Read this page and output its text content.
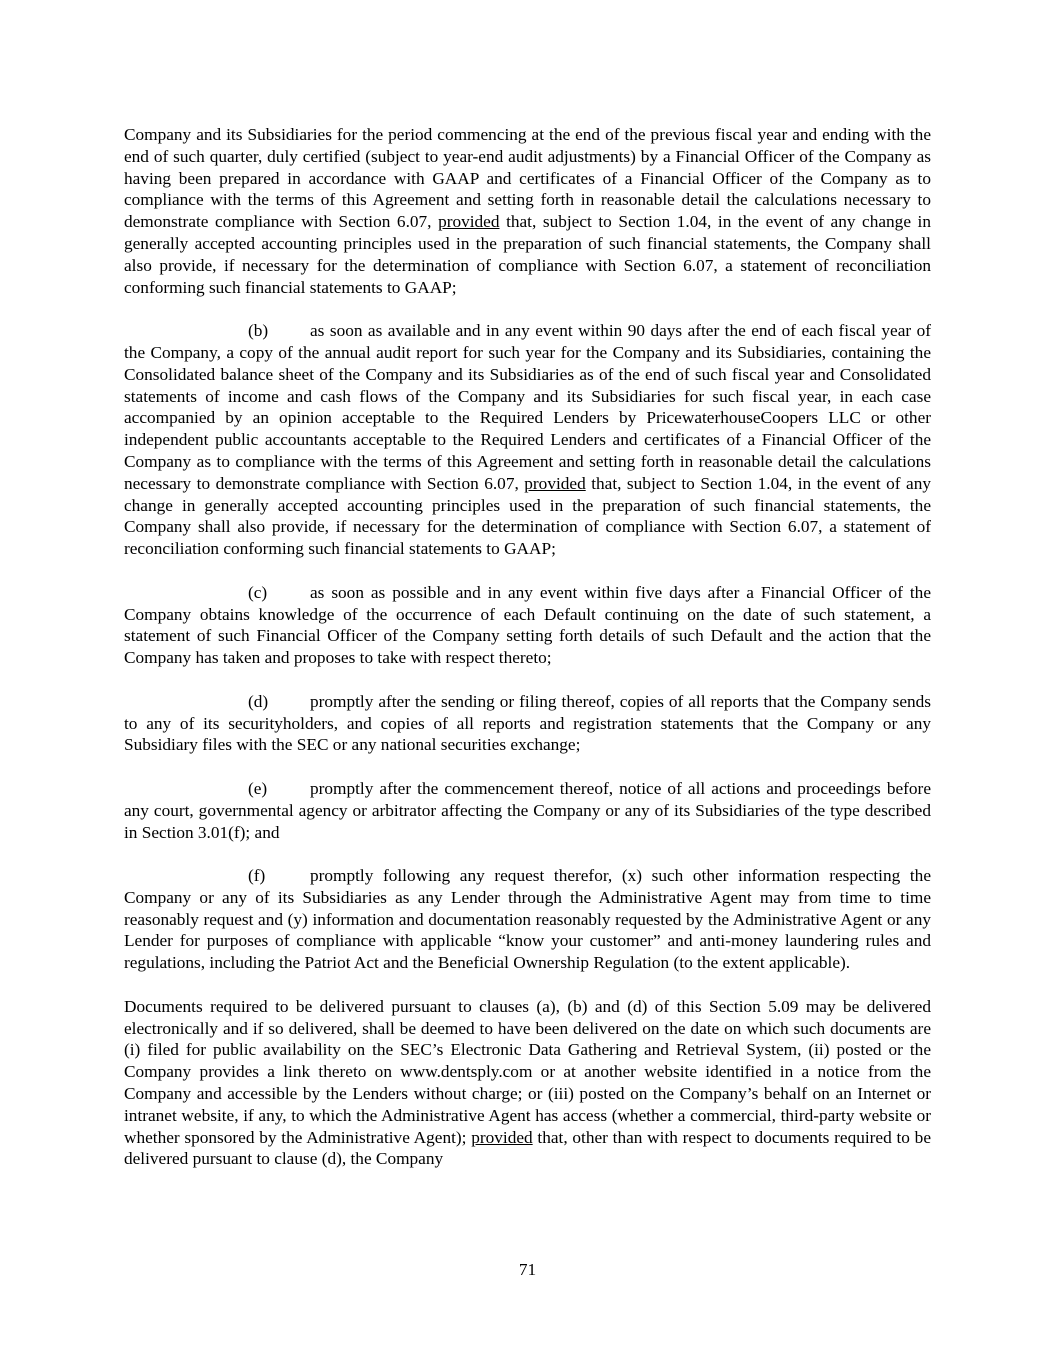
Company and its Subsidiaries for the period commencing at the end of the previous fiscal year and ending with the end of such quarter, duly certified (subject to year-end audit adjustments) by a Financial Officer of the Company as having been prepared in accordance with GAAP and certificates of a Financial Officer of the Company as to compliance with the terms of this Agreement and setting forth in reasonable detail the calculations necessary to demonstrate compliance with Section 6.07, provided that, subject to Section 1.04, in the event of any change in generally accepted accounting principles used in the preparation of such financial statements, the Company shall also provide, if necessary for the determination of compliance with Section 6.07, a statement of reconciliation conforming such financial statements to GAAP;

(b) as soon as available and in any event within 90 days after the end of each fiscal year of the Company, a copy of the annual audit report for such year for the Company and its Subsidiaries, containing the Consolidated balance sheet of the Company and its Subsidiaries as of the end of such fiscal year and Consolidated statements of income and cash flows of the Company and its Subsidiaries for such fiscal year, in each case accompanied by an opinion acceptable to the Required Lenders by PricewaterhouseCoopers LLC or other independent public accountants acceptable to the Required Lenders and certificates of a Financial Officer of the Company as to compliance with the terms of this Agreement and setting forth in reasonable detail the calculations necessary to demonstrate compliance with Section 6.07, provided that, subject to Section 1.04, in the event of any change in generally accepted accounting principles used in the preparation of such financial statements, the Company shall also provide, if necessary for the determination of compliance with Section 6.07, a statement of reconciliation conforming such financial statements to GAAP;

(c) as soon as possible and in any event within five days after a Financial Officer of the Company obtains knowledge of the occurrence of each Default continuing on the date of such statement, a statement of such Financial Officer of the Company setting forth details of such Default and the action that the Company has taken and proposes to take with respect thereto;

(d) promptly after the sending or filing thereof, copies of all reports that the Company sends to any of its securityholders, and copies of all reports and registration statements that the Company or any Subsidiary files with the SEC or any national securities exchange;

(e) promptly after the commencement thereof, notice of all actions and proceedings before any court, governmental agency or arbitrator affecting the Company or any of its Subsidiaries of the type described in Section 3.01(f); and

(f)	promptly following any request therefor, (x) such other information respecting the Company or any of its Subsidiaries as any Lender through the Administrative Agent may from time to time reasonably request and (y) information and documentation reasonably requested by the Administrative Agent or any Lender for purposes of compliance with applicable “know your customer” and anti-money laundering rules and regulations, including the Patriot Act and the Beneficial Ownership Regulation (to the extent applicable).

Documents required to be delivered pursuant to clauses (a), (b) and (d) of this Section 5.09 may be delivered electronically and if so delivered, shall be deemed to have been delivered on the date on which such documents are (i) filed for public availability on the SEC’s Electronic Data Gathering and Retrieval System, (ii) posted or the Company provides a link thereto on www.dentsply.com or at another website identified in a notice from the Company and accessible by the Lenders without charge; or (iii) posted on the Company’s behalf on an Internet or intranet website, if any, to which the Administrative Agent has access (whether a commercial, third-party website or whether sponsored by the Administrative Agent); provided that, other than with respect to documents required to be delivered pursuant to clause (d), the Company

71
